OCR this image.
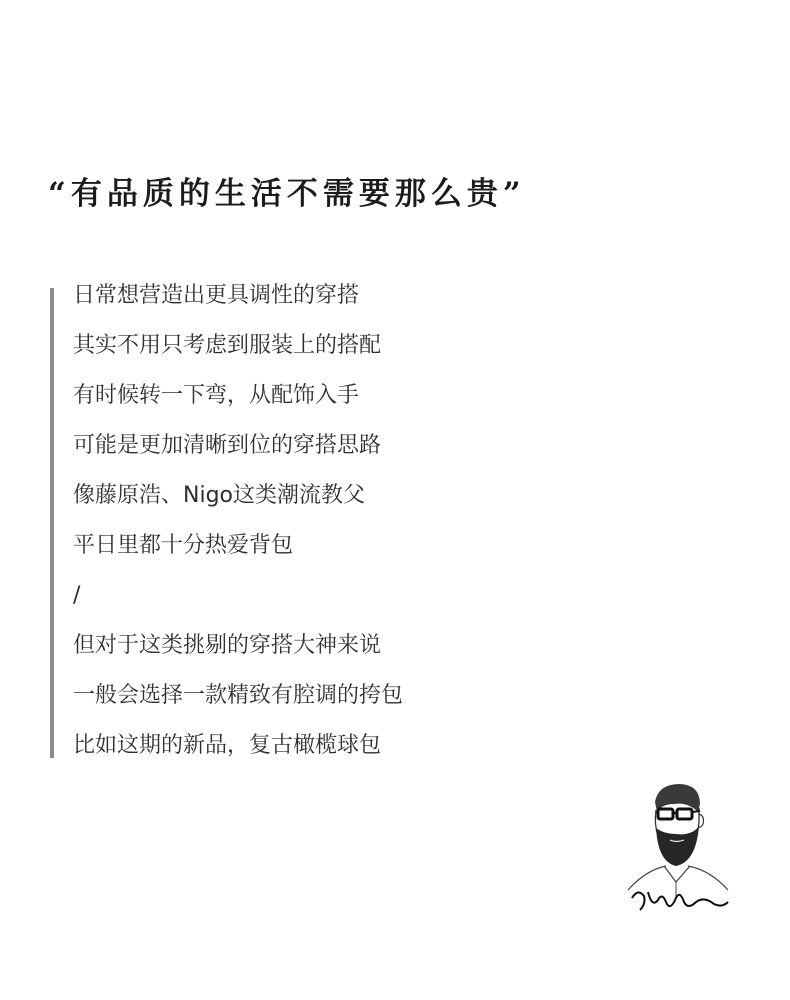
“有品质的生活不需要那么贵”
日常想营造出更具调性的穿搭
其实不用只考虑到服装上的搭配
有时候转一下弯，从配饰入手
可能是更加清晰到位的穿搭思路
像藤原浩、Nigo这类潮流教父
平日里都十分热爱背包
/
但对于这类挑剔的穿搭大神来说
一般会选择一款精致有腔调的挎包
比如这期的新品，复古橄榄球包
诺安
